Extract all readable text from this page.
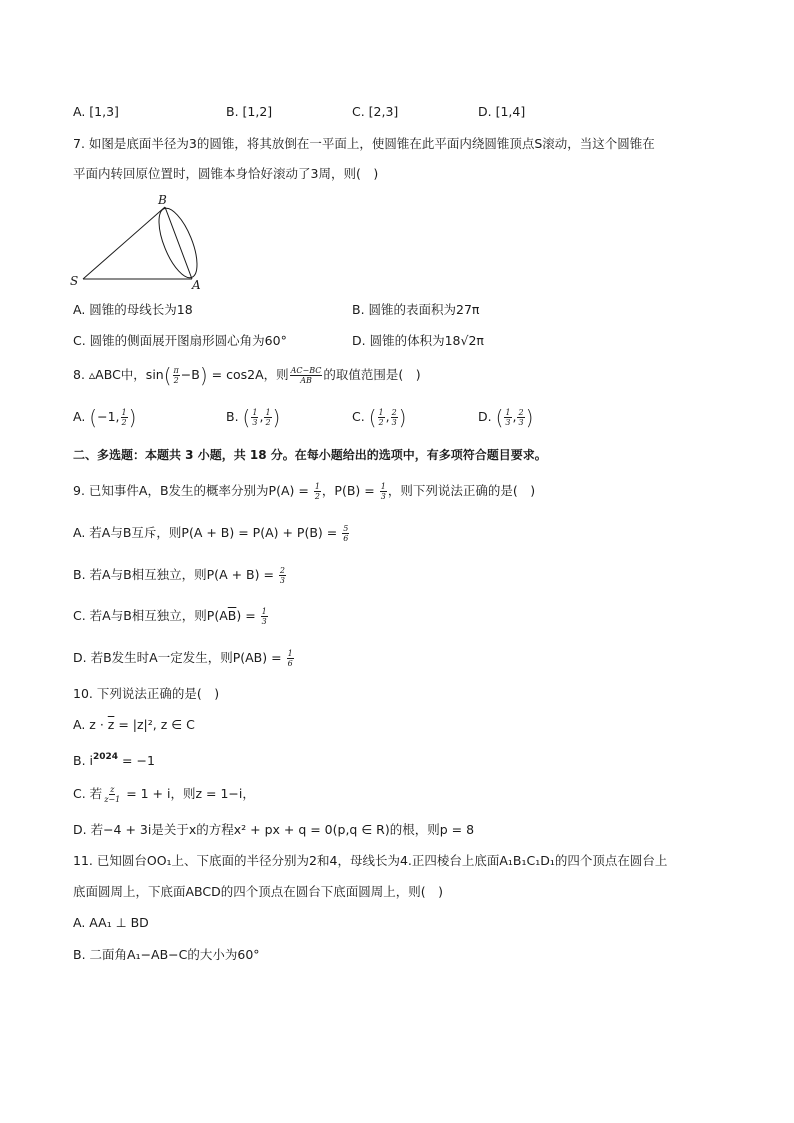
A. [1,3]	B. [1,2]	C. [2,3]	D. [1,4]
7. 如图是底面半径为3的圆锥，将其放倒在一平面上，使圆锥在此平面内绕圆锥顶点S滚动，当这个圆锥在
平面内转回原位置时，圆锥本身恰好滚动了3周，则(　)
S
B
A
A. 圆锥的母线长为18	B. 圆锥的表面积为27π
C. 圆锥的侧面展开图扇形圆心角为60°	D. 圆锥的体积为18√2π
8. ▵ABC中，$\sin( \frac{\pi}{2} -B) = \cos 2A$，则 $\frac{AC-BC}{AB}$ 的取值范围是(　)
A. (−1, $\frac{1}{2}$ )	B. ( $\frac{1}{3}$ , $\frac{1}{2}$ )	C. ( $\frac{1}{2}$ , $\frac{2}{3}$ )	D. ( $\frac{1}{3}$ , $\frac{2}{3}$ )
二、多选题：本题共 3 小题，共 18 分。在每小题给出的选项中，有多项符合题目要求。
9. 已知事件A，B发生的概率分别为$P(A) = \frac{1}{2}$ ，$P(B) = \frac{1}{3}$ ，则下列说法正确的是(　)
A. 若A与B互斥，则$P(A + B) = P(A) + P(B) = \frac{5}{6}$
B. 若A与B相互独立，则$P(A + B) = \frac{2}{3}$
C. 若A与B相互独立，则$P(A\overline{B}) = \frac{1}{3}$
D. 若B发生时A一定发生，则$P(AB) = \frac{1}{6}$
10. 下列说法正确的是(　)
A. $z \cdot \overline{z} = |z|^2$, z ∈ C
B. $i^{2024} = -1$
C. 若 $\frac{z}{z-1} = 1 + i$，则z = 1−i，
D. 若−4 + 3i是关于x的方程x² + px + q = 0(p,q ∈ R)的根，则p = 8
11. 已知圆台OO₁上、下底面的半径分别为2和4，母线长为4.正四棱台上底面A₁B₁C₁D₁的四个顶点在圆台上
底面圆周上，下底面ABCD的四个顶点在圆台下底面圆周上，则(　)
A. AA₁ ⊥ BD
B. 二面角A₁−AB−C的大小为60°
